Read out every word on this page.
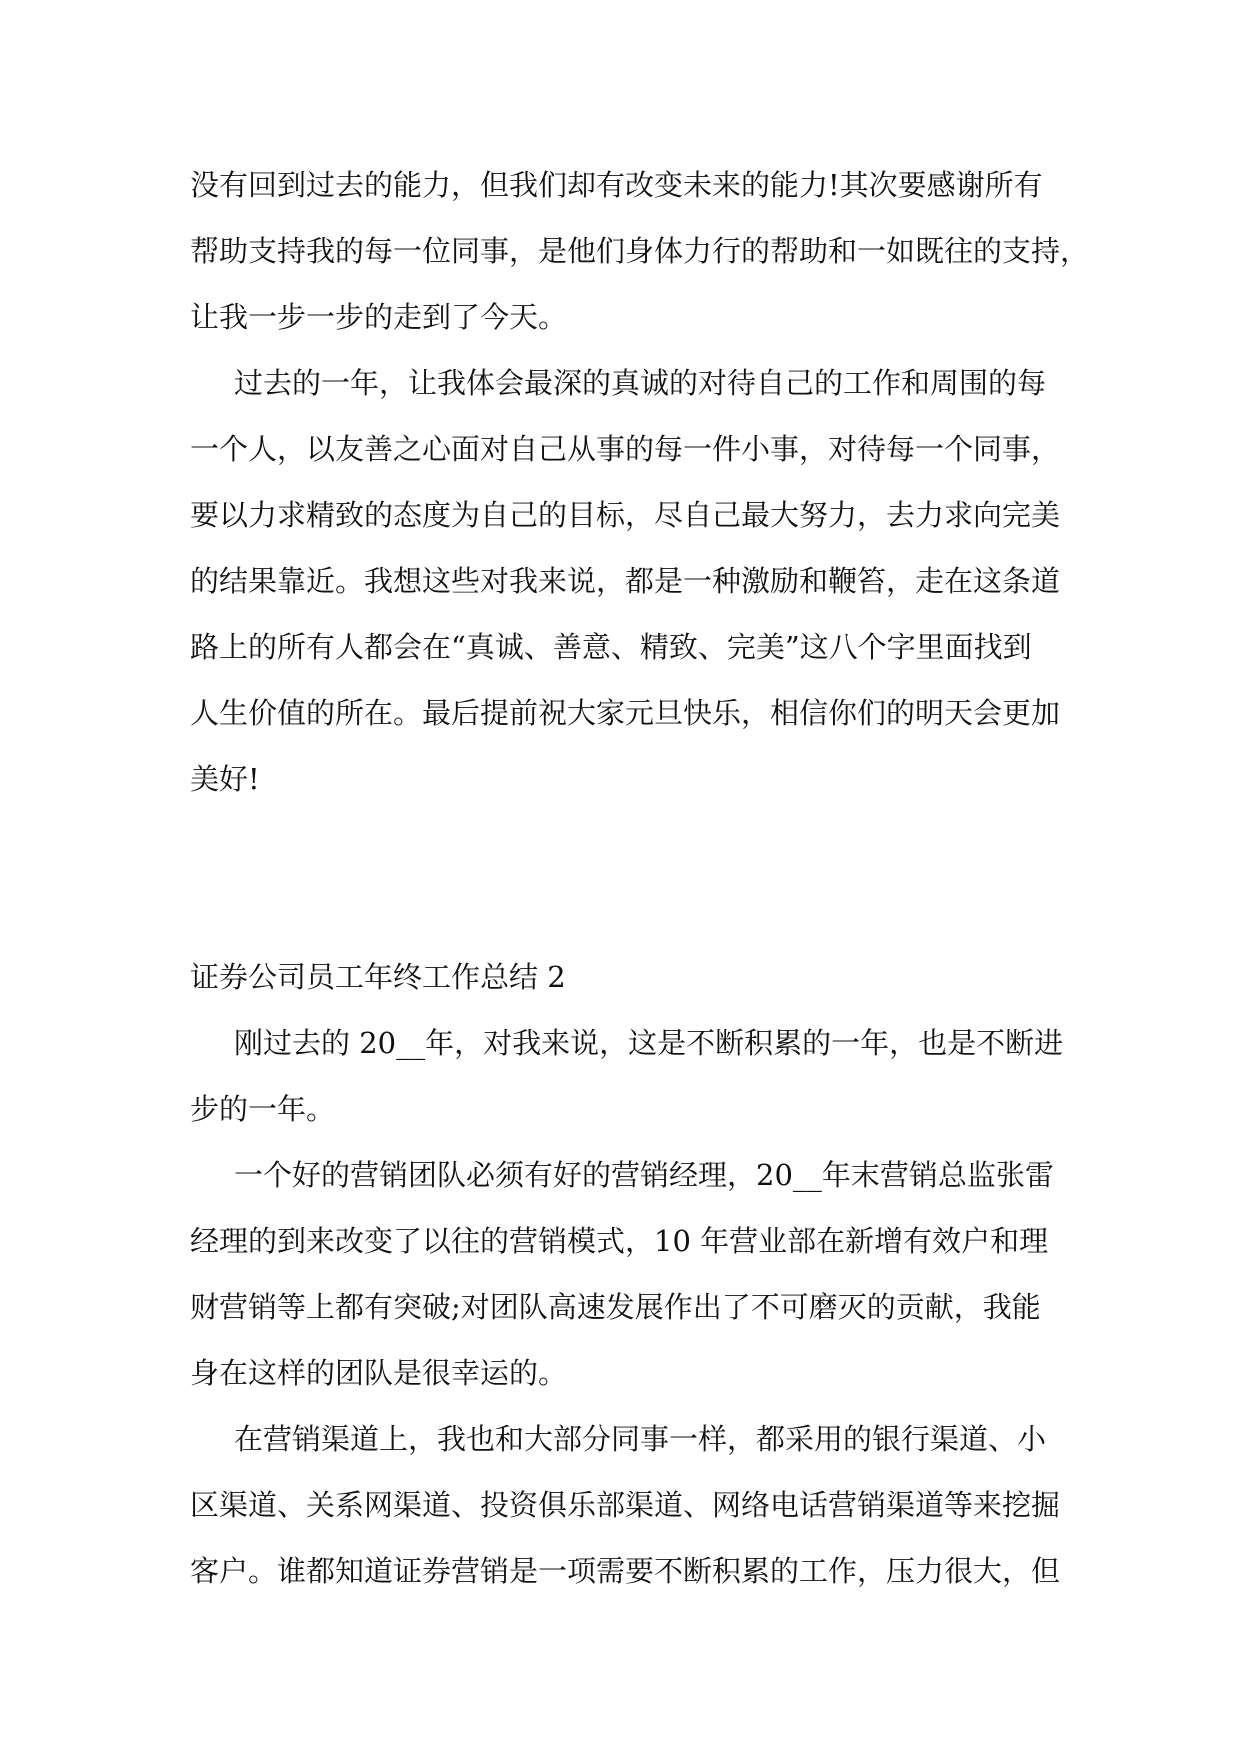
没有回到过去的能力，但我们却有改变未来的能力!其次要感谢所有
帮助支持我的每一位同事，是他们身体力行的帮助和一如既往的支持，
让我一步一步的走到了今天。

过去的一年，让我体会最深的真诚的对待自己的工作和周围的每
一个人，以友善之心面对自己从事的每一件小事，对待每一个同事，
要以力求精致的态度为自己的目标，尽自己最大努力，去力求向完美
的结果靠近。我想这些对我来说，都是一种激励和鞭笞，走在这条道
路上的所有人都会在“真诚、善意、精致、完美”这八个字里面找到
人生价值的所在。最后提前祝大家元旦快乐，相信你们的明天会更加
美好!

证券公司员工年终工作总结 2

刚过去的 20__年，对我来说，这是不断积累的一年，也是不断进
步的一年。

一个好的营销团队必须有好的营销经理，20__年末营销总监张雷
经理的到来改变了以往的营销模式，10 年营业部在新增有效户和理
财营销等上都有突破;对团队高速发展作出了不可磨灭的贡献，我能
身在这样的团队是很幸运的。

在营销渠道上，我也和大部分同事一样，都采用的银行渠道、小
区渠道、关系网渠道、投资俱乐部渠道、网络电话营销渠道等来挖掘
客户。谁都知道证券营销是一项需要不断积累的工作，压力很大，但
